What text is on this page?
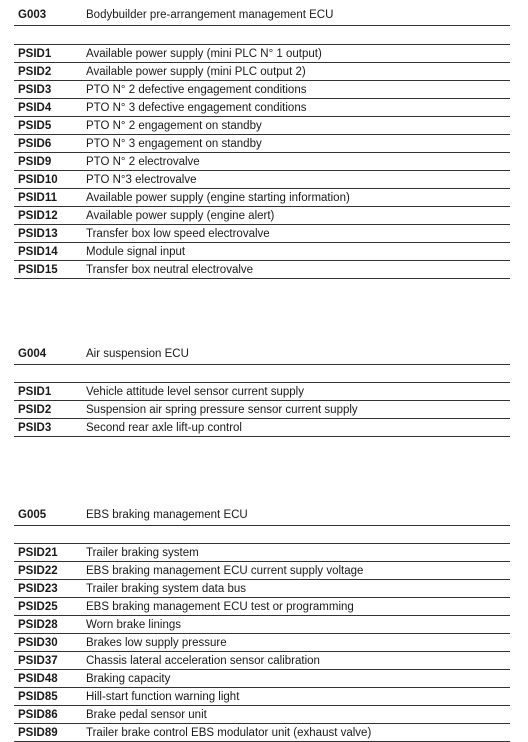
G003	Bodybuilder pre-arrangement management ECU
PSID1	Available power supply (mini PLC N° 1 output)
PSID2	Available power supply (mini PLC output 2)
PSID3	PTO N° 2 defective engagement conditions
PSID4	PTO N° 3 defective engagement conditions
PSID5	PTO N° 2 engagement on standby
PSID6	PTO N° 3 engagement on standby
PSID9	PTO N° 2 electrovalve
PSID10 PTO N°3 electrovalve
PSID11	Available power supply (engine starting information)
PSID12 Available power supply (engine alert)
PSID13 Transfer box low speed electrovalve
PSID14 Module signal input
PSID15 Transfer box neutral electrovalve
G004	Air suspension ECU
PSID1	Vehicle attitude level sensor current supply
PSID2	Suspension air spring pressure sensor current supply
PSID3	Second rear axle lift-up control
G005	EBS braking management ECU
PSID21 Trailer braking system
PSID22 EBS braking management ECU current supply voltage
PSID23 Trailer braking system data bus
PSID25 EBS braking management ECU test or programming
PSID28 Worn brake linings
PSID30 Brakes low supply pressure
PSID37 Chassis lateral acceleration sensor calibration
PSID48 Braking capacity
PSID85 Hill-start function warning light
PSID86 Brake pedal sensor unit
PSID89 Trailer brake control EBS modulator unit (exhaust valve)
